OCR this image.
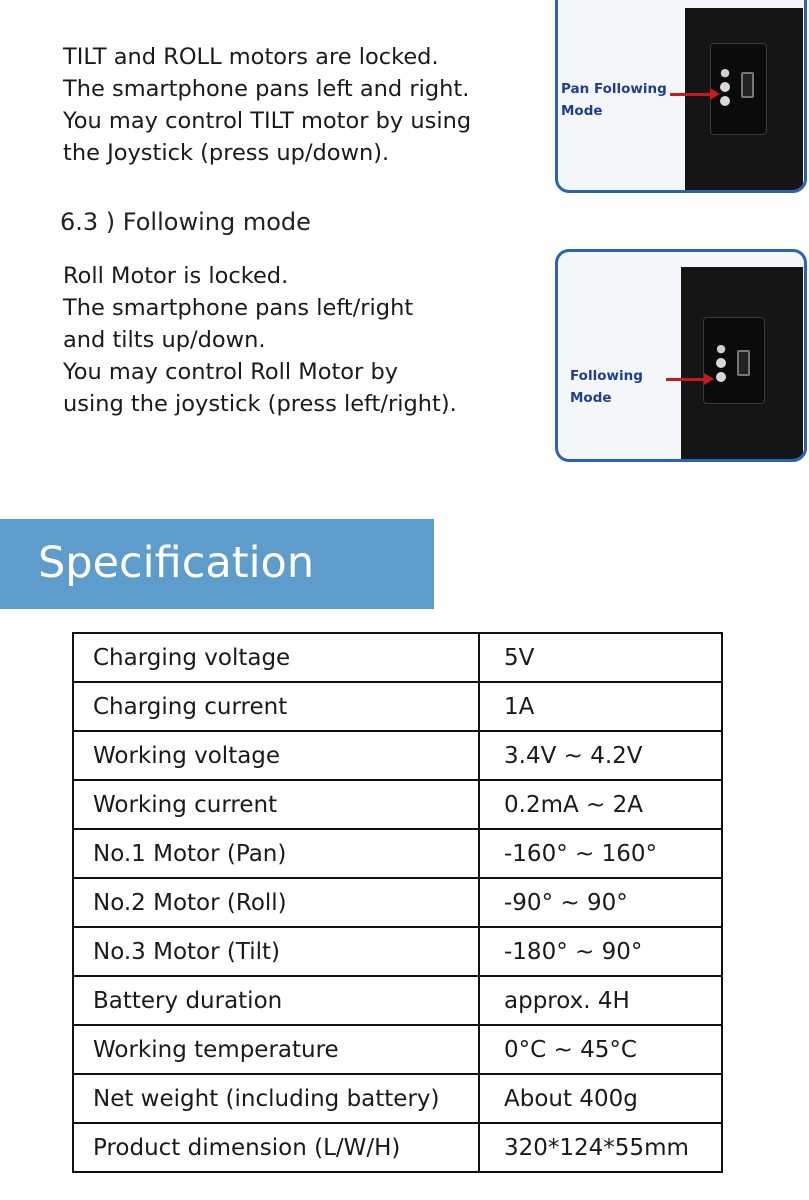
TILT and ROLL motors are locked.
The smartphone pans left and right.
You may control TILT motor by using
the Joystick (press up/down).
●
Pan Following
Mode
6.3 ) Following mode
Roll Motor is locked.
The smartphone pans left/right
and tilts up/down.
You may control Roll Motor by
using the joystick (press left/right).
●
Following
Mode
Specification
Charging voltage	5V
Charging current	1A
Working voltage	3.4V ~ 4.2V
Working current	0.2mA ~ 2A
No.1 Motor (Pan)	-160° ~ 160°
No.2 Motor (Roll)	-90° ~ 90°
No.3 Motor (Tilt)	-180° ~ 90°
Battery duration	approx. 4H
Working temperature	0°C ~ 45°C
Net weight (including battery)	About 400g
Product dimension (L/W/H)	320*124*55mm
